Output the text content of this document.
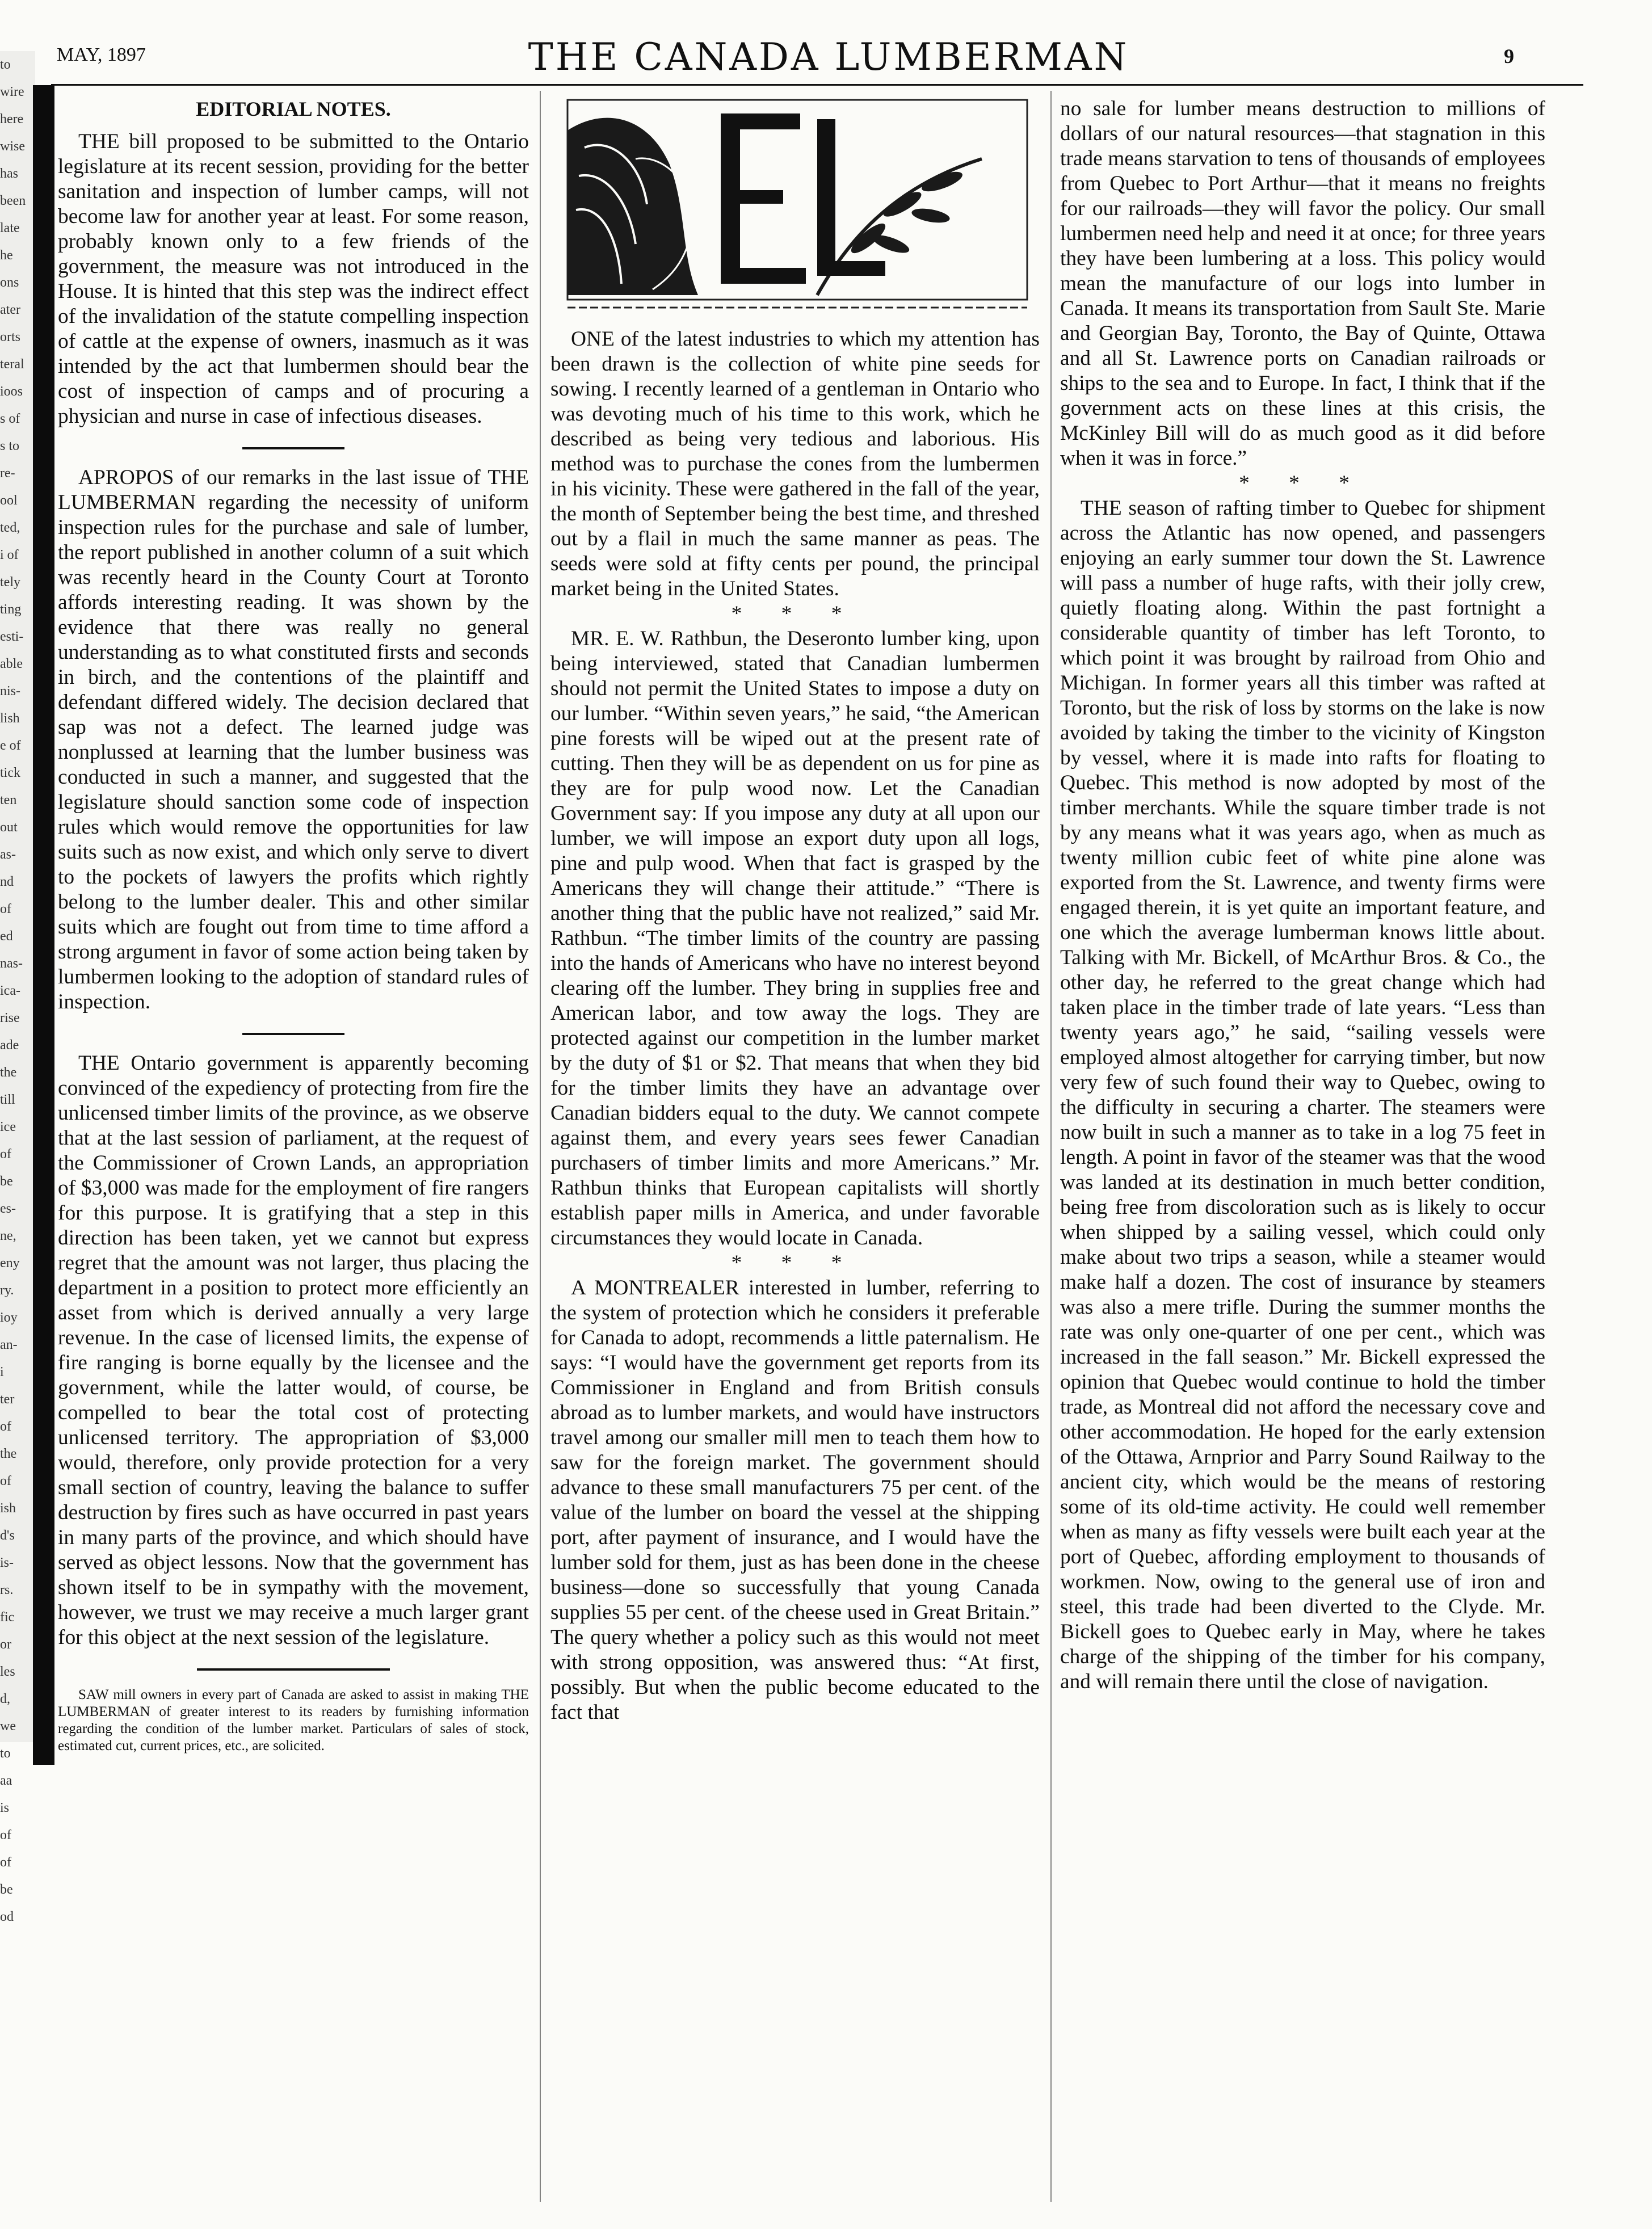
to
wire
here
wise
has
been
late
he
ons
ater
orts
teral
ioos
s of
s to
re-
ool
ted,
i of
tely
ting
esti-
able
nis-
lish
e of
tick
ten
out
as-
nd
of
ed
nas-
ica-
rise
ade
the
till
ice
of
be
es-
ne,
eny
ry.
ioy
an-
i
ter
of
the
of
ish
d's
is-
rs.
fic
or
les
d,
we
to
aa
is
of
of
be
od
MAY, 1897	THE CANADA LUMBERMAN	9

EDITORIAL NOTES.

THE bill proposed to be submitted to the Ontario legislature at its recent session, providing for the better sanitation and inspection of lumber camps, will not become law for another year at least. For some reason, probably known only to a few friends of the government, the measure was not introduced in the House. It is hinted that this step was the indirect effect of the invalidation of the statute compelling inspection of cattle at the expense of owners, inasmuch as it was intended by the act that lumbermen should bear the cost of inspection of camps and of procuring a physician and nurse in case of infectious diseases.

APROPOS of our remarks in the last issue of THE LUMBERMAN regarding the necessity of uniform inspection rules for the purchase and sale of lumber, the report published in another column of a suit which was recently heard in the County Court at Toronto affords interesting reading. It was shown by the evidence that there was really no general understanding as to what constituted firsts and seconds in birch, and the contentions of the plaintiff and defendant differed widely. The decision declared that sap was not a defect. The learned judge was nonplussed at learning that the lumber business was conducted in such a manner, and suggested that the legislature should sanction some code of inspection rules which would remove the opportunities for law suits such as now exist, and which only serve to divert to the pockets of lawyers the profits which rightly belong to the lumber dealer. This and other similar suits which are fought out from time to time afford a strong argument in favor of some action being taken by lumbermen looking to the adoption of standard rules of inspection.

THE Ontario government is apparently becoming convinced of the expediency of protecting from fire the unlicensed timber limits of the province, as we observe that at the last session of parliament, at the request of the Commissioner of Crown Lands, an appropriation of $3,000 was made for the employment of fire rangers for this purpose. It is gratifying that a step in this direction has been taken, yet we cannot but express regret that the amount was not larger, thus placing the department in a position to protect more efficiently an asset from which is derived annually a very large revenue. In the case of licensed limits, the expense of fire ranging is borne equally by the licensee and the government, while the latter would, of course, be compelled to bear the total cost of protecting unlicensed territory. The appropriation of $3,000 would, therefore, only provide protection for a very small section of country, leaving the balance to suffer destruction by fires such as have occurred in past years in many parts of the province, and which should have served as object lessons. Now that the government has shown itself to be in sympathy with the movement, however, we trust we may receive a much larger grant for this object at the next session of the legislature.

SAW mill owners in every part of Canada are asked to assist in making THE LUMBERMAN of greater interest to its readers by furnishing information regarding the condition of the lumber market. Particulars of sales of stock, estimated cut, current prices, etc., are solicited.

ONE of the latest industries to which my attention has been drawn is the collection of white pine seeds for sowing. I recently learned of a gentleman in Ontario who was devoting much of his time to this work, which he described as being very tedious and laborious. His method was to purchase the cones from the lumbermen in his vicinity. These were gathered in the fall of the year, the month of September being the best time, and threshed out by a flail in much the same manner as peas. The seeds were sold at fifty cents per pound, the principal market being in the United States.

* * *

MR. E. W. Rathbun, the Deseronto lumber king, upon being interviewed, stated that Canadian lumbermen should not permit the United States to impose a duty on our lumber. “Within seven years,” he said, “the American pine forests will be wiped out at the present rate of cutting. Then they will be as dependent on us for pine as they are for pulp wood now. Let the Canadian Government say: If you impose any duty at all upon our lumber, we will impose an export duty upon all logs, pine and pulp wood. When that fact is grasped by the Americans they will change their attitude.” “There is another thing that the public have not realized,” said Mr. Rathbun. “The timber limits of the country are passing into the hands of Americans who have no interest beyond clearing off the lumber. They bring in supplies free and American labor, and tow away the logs. They are protected against our competition in the lumber market by the duty of $1 or $2. That means that when they bid for the timber limits they have an advantage over Canadian bidders equal to the duty. We cannot compete against them, and every years sees fewer Canadian purchasers of timber limits and more Americans.” Mr. Rathbun thinks that European capitalists will shortly establish paper mills in America, and under favorable circumstances they would locate in Canada.

* * *

A MONTREALER interested in lumber, referring to the system of protection which he considers it preferable for Canada to adopt, recommends a little paternalism. He says: “I would have the government get reports from its Commissioner in England and from British consuls abroad as to lumber markets, and would have instructors travel among our smaller mill men to teach them how to saw for the foreign market. The government should advance to these small manufacturers 75 per cent. of the value of the lumber on board the vessel at the shipping port, after payment of insurance, and I would have the lumber sold for them, just as has been done in the cheese business—done so successfully that young Canada supplies 55 per cent. of the cheese used in Great Britain.” The query whether a policy such as this would not meet with strong opposition, was answered thus: “At first, possibly. But when the public become educated to the fact that

no sale for lumber means destruction to millions of dollars of our natural resources—that stagnation in this trade means starvation to tens of thousands of employees from Quebec to Port Arthur—that it means no freights for our railroads—they will favor the policy. Our small lumbermen need help and need it at once; for three years they have been lumbering at a loss. This policy would mean the manufacture of our logs into lumber in Canada. It means its transportation from Sault Ste. Marie and Georgian Bay, Toronto, the Bay of Quinte, Ottawa and all St. Lawrence ports on Canadian railroads or ships to the sea and to Europe. In fact, I think that if the government acts on these lines at this crisis, the McKinley Bill will do as much good as it did before when it was in force.”

* * *

THE season of rafting timber to Quebec for shipment across the Atlantic has now opened, and passengers enjoying an early summer tour down the St. Lawrence will pass a number of huge rafts, with their jolly crew, quietly floating along. Within the past fortnight a considerable quantity of timber has left Toronto, to which point it was brought by railroad from Ohio and Michigan. In former years all this timber was rafted at Toronto, but the risk of loss by storms on the lake is now avoided by taking the timber to the vicinity of Kingston by vessel, where it is made into rafts for floating to Quebec. This method is now adopted by most of the timber merchants. While the square timber trade is not by any means what it was years ago, when as much as twenty million cubic feet of white pine alone was exported from the St. Lawrence, and twenty firms were engaged therein, it is yet quite an important feature, and one which the average lumberman knows little about. Talking with Mr. Bickell, of McArthur Bros. & Co., the other day, he referred to the great change which had taken place in the timber trade of late years. “Less than twenty years ago,” he said, “sailing vessels were employed almost altogether for carrying timber, but now very few of such found their way to Quebec, owing to the difficulty in securing a charter. The steamers were now built in such a manner as to take in a log 75 feet in length. A point in favor of the steamer was that the wood was landed at its destination in much better condition, being free from discoloration such as is likely to occur when shipped by a sailing vessel, which could only make about two trips a season, while a steamer would make half a dozen. The cost of insurance by steamers was also a mere trifle. During the summer months the rate was only one-quarter of one per cent., which was increased in the fall season.” Mr. Bickell expressed the opinion that Quebec would continue to hold the timber trade, as Montreal did not afford the necessary cove and other accommodation. He hoped for the early extension of the Ottawa, Arnprior and Parry Sound Railway to the ancient city, which would be the means of restoring some of its old-time activity. He could well remember when as many as fifty vessels were built each year at the port of Quebec, affording employment to thousands of workmen. Now, owing to the general use of iron and steel, this trade had been diverted to the Clyde. Mr. Bickell goes to Quebec early in May, where he takes charge of the shipping of the timber for his company, and will remain there until the close of navigation.
